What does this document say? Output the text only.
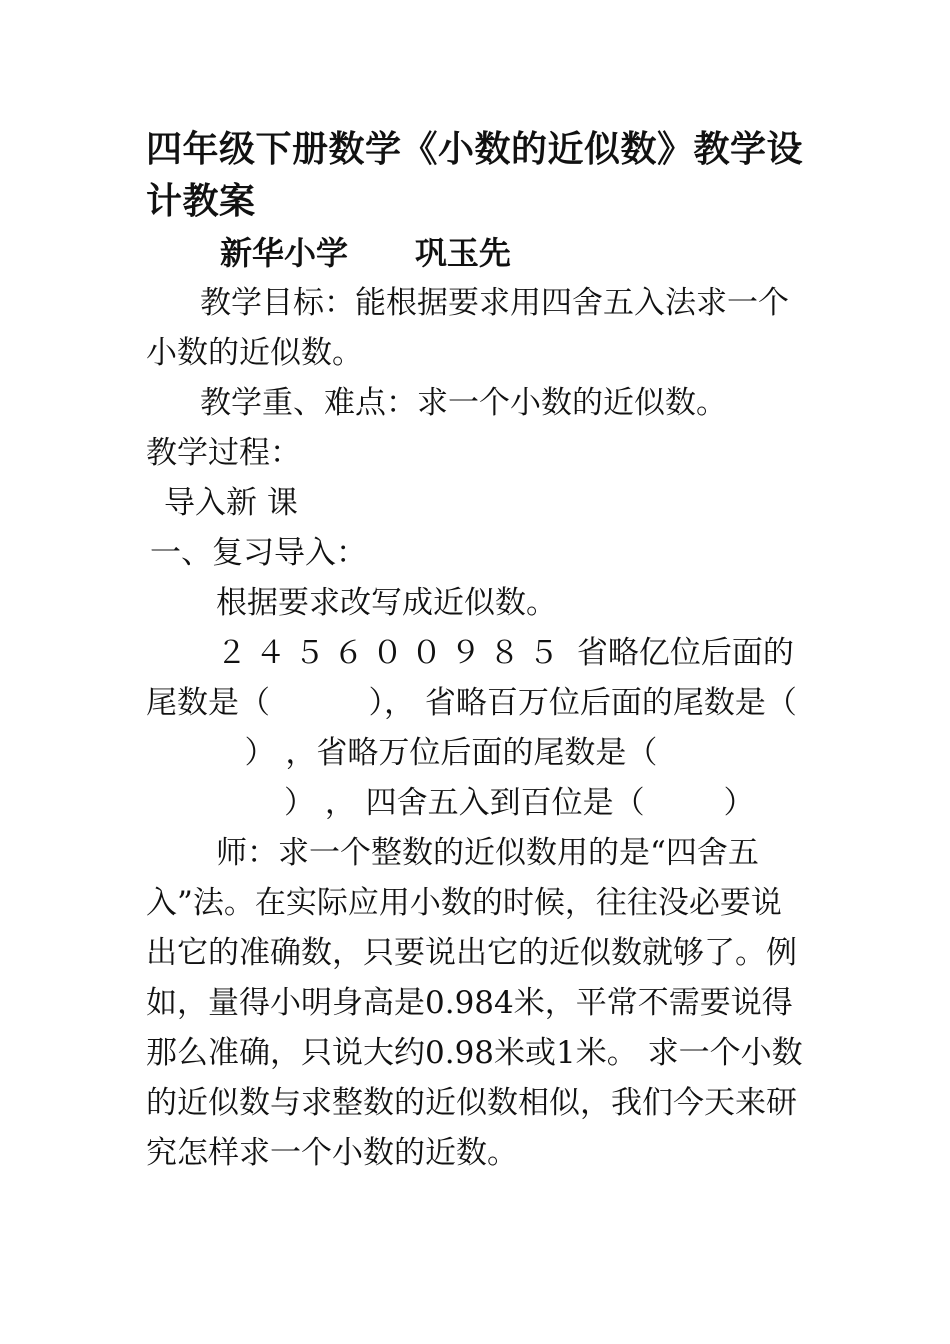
四年级下册数学《小数的近似数》教学设计教案

新华小学      巩玉先

教学目标：能根据要求用四舍五入法求一个小数的近似数。

教学重、难点：求一个小数的近似数。

教学过程：

导入新 课

一、复习导入：

根据要求改写成近似数。

２４５６００９８５ 省略亿位后面的尾数是（	）， 省略百万位后面的尾数是（          ） ，省略万位后面的尾数是（              ） ， 四舍五入到百位是（	）

师：求一个整数的近似数用的是“四舍五入”法。在实际应用小数的时候，往往没必要说出它的准确数，只要说出它的近似数就够了。例如，量得小明身高是0.984米，平常不需要说得那么准确，只说大约0.98米或1米。 求一个小数的近似数与求整数的近似数相似，我们今天来研究怎样求一个小数的近数。
